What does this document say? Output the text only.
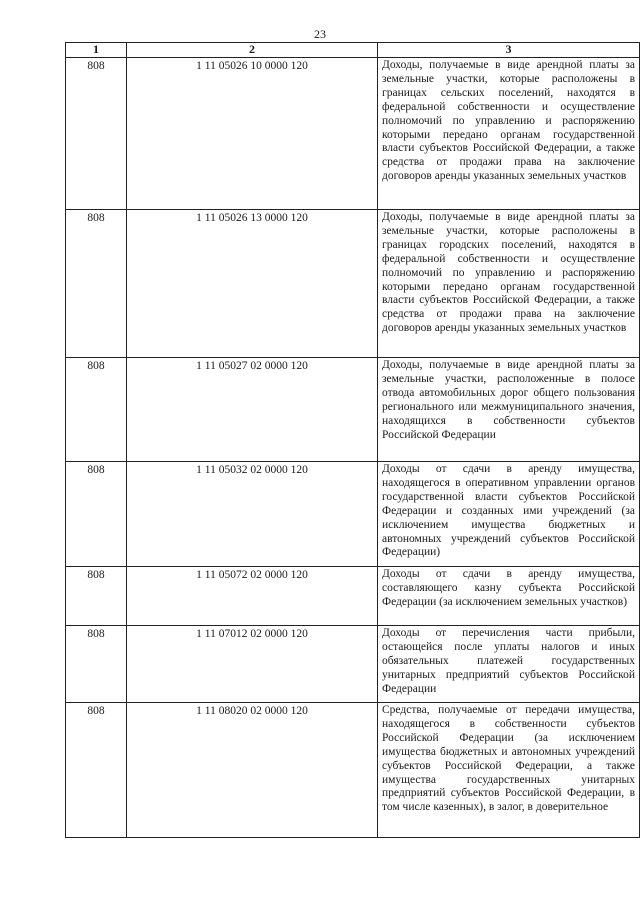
23
1	2	3
808	1 11 05026 10 0000 120	Доходы, получаемые в виде арендной платы за земельные участки, которые расположены в границах сельских поселений, находятся в федеральной собственности и осуществление полномочий по управлению и распоряжению которыми передано органам государственной власти субъектов Российской Федерации, а также средства от продажи права на заключение договоров аренды указанных земельных участков
808	1 11 05026 13 0000 120	Доходы, получаемые в виде арендной платы за земельные участки, которые расположены в границах городских поселений, находятся в федеральной собственности и осуществление полномочий по управлению и распоряжению которыми передано органам государственной власти субъектов Российской Федерации, а также средства от продажи права на заключение договоров аренды указанных земельных участков
808	1 11 05027 02 0000 120	Доходы, получаемые в виде арендной платы за земельные участки, расположенные в полосе отвода автомобильных дорог общего пользования регионального или межмуниципального значения, находящихся в собственности субъектов Российской Федерации
808	1 11 05032 02 0000 120	Доходы от сдачи в аренду имущества, находящегося в оперативном управлении органов государственной власти субъектов Российской Федерации и созданных ими учреждений (за исключением имущества бюджетных и автономных учреждений субъектов Российской Федерации)
808	1 11 05072 02 0000 120	Доходы от сдачи в аренду имущества, составляющего казну субъекта Российской Федерации (за исключением земельных участков)
808	1 11 07012 02 0000 120	Доходы от перечисления части прибыли, остающейся после уплаты налогов и иных обязательных платежей государственных унитарных предприятий субъектов Российской Федерации
808	1 11 08020 02 0000 120	Средства, получаемые от передачи имущества, находящегося в собственности субъектов Российской Федерации (за исключением имущества бюджетных и автономных учреждений субъектов Российской Федерации, а также имущества государственных унитарных предприятий субъектов Российской Федерации, в том числе казенных), в залог, в доверительное
